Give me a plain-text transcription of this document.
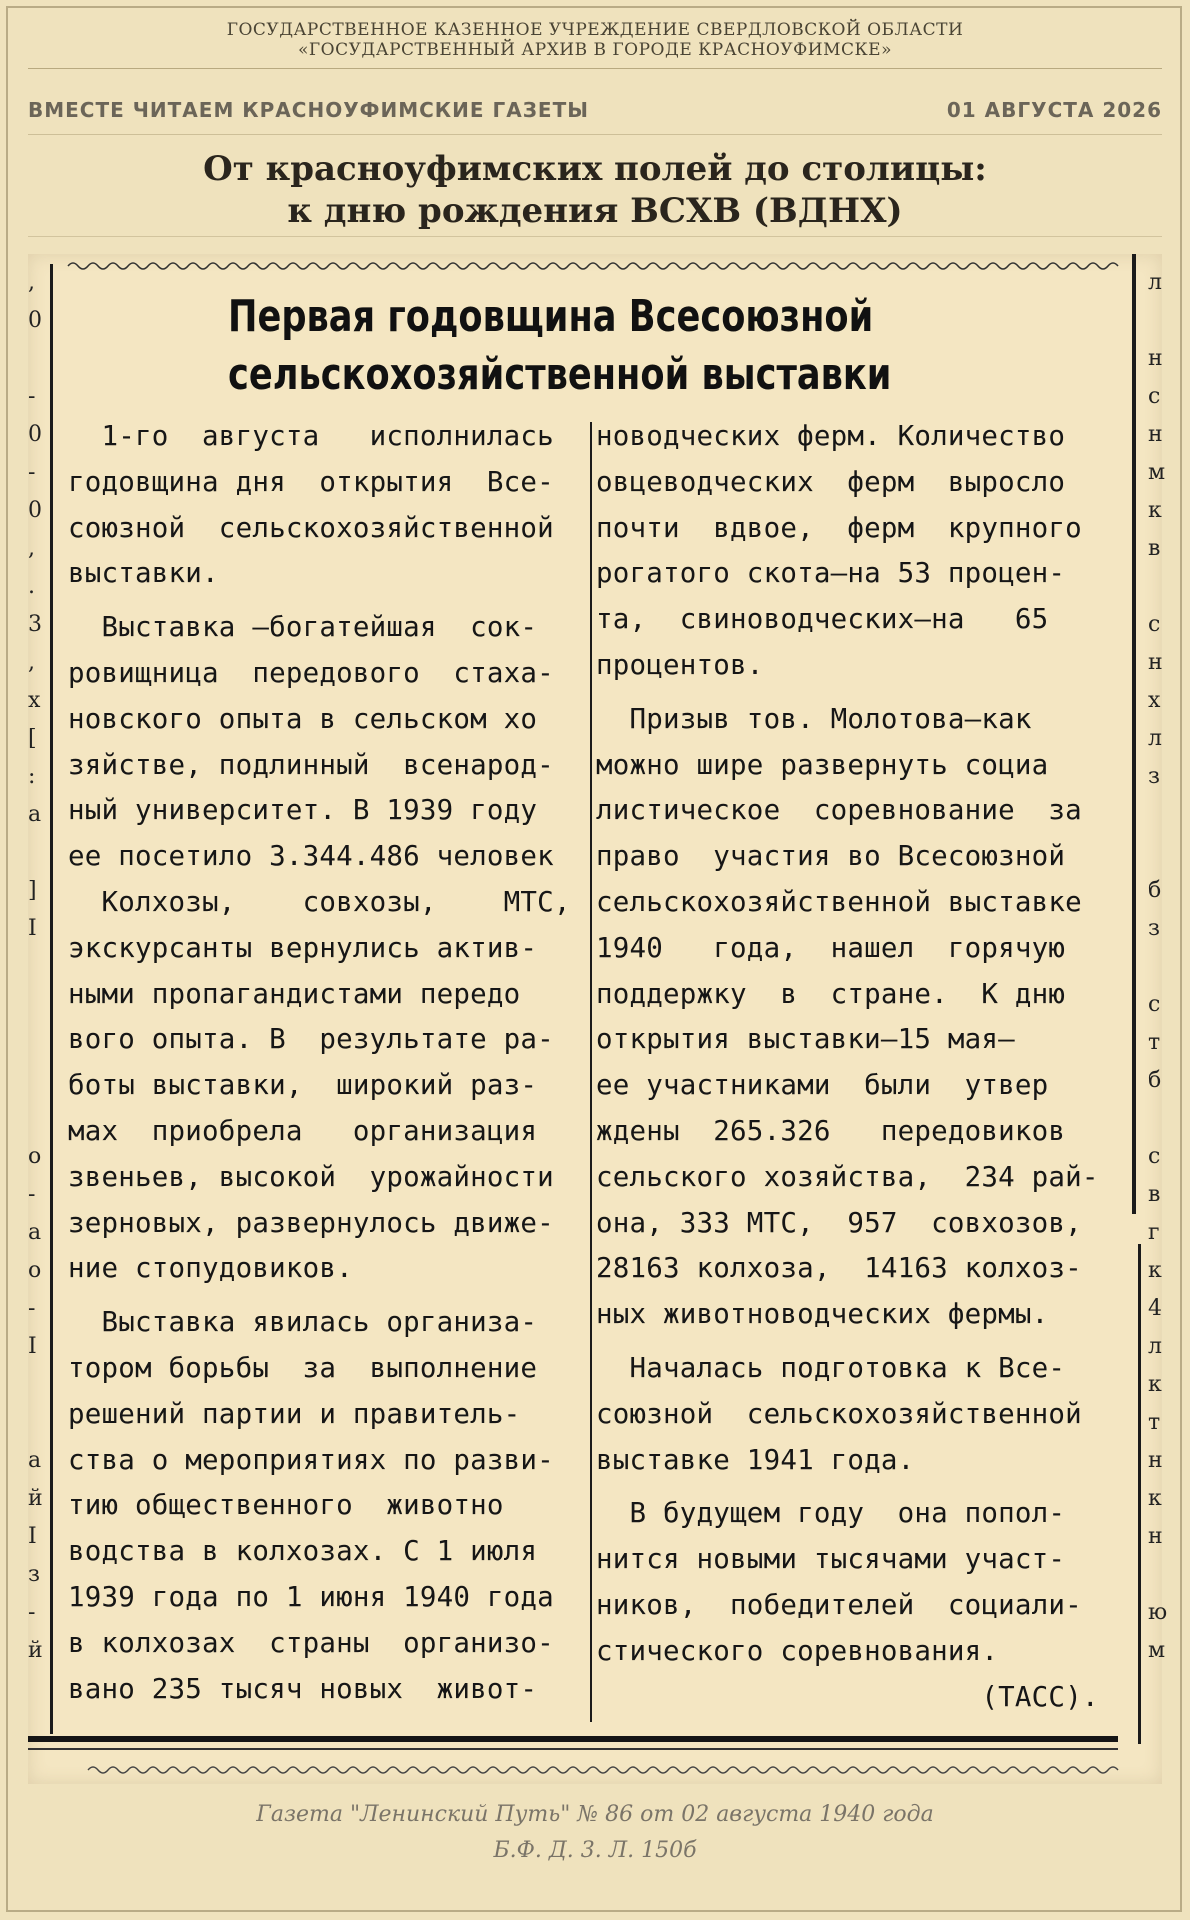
ГОСУДАРСТВЕННОЕ КАЗЕННОЕ УЧРЕЖДЕНИЕ СВЕРДЛОВСКОЙ ОБЛАСТИ
«ГОСУДАРСТВЕННЫЙ АРХИВ В ГОРОДЕ КРАСНОУФИМСКЕ»
ВМЕСТЕ ЧИТАЕМ КРАСНОУФИМСКИЕ ГАЗЕТЫ	01 АВГУСТА 2026
От красноуфимских полей до столицы:
к дню рождения ВСХВ (ВДНХ)
,
0

-
0
-
0
,
.
3
,
х
[
:
а

]
I

о
-
а
о
-
I

а
й
I
з
-
й
л

н
с
н
м
к
в

с
н
х
л
з

б
з

с
т
б

с
в
г
к
4
л
к
т
н
к
н

ю
м
Первая годовщина Всесоюзной
сельскохозяйственной выставки
1-го  августа   исполнилась
годовщина дня  открытия  Все-
союзной  сельскохозяйственной
выставки.
Выставка —богатейшая  сок-
ровищница  передового  стаха-
новского опыта в сельском хо
зяйстве, подлинный  всенарод-
ный университет. В 1939 году
ее посетило 3.344.486 человек
Колхозы,    совхозы,    МТС,
экскурсанты вернулись актив-
ными пропагандистами передо
вого опыта. В  результате ра-
боты выставки,  широкий раз-
мах  приобрела   организация
звеньев, высокой  урожайности
зерновых, развернулось движе-
ние стопудовиков.
Выставка явилась организа-
тором борьбы  за  выполнение
решений партии и правитель-
ства о мероприятиях по разви-
тию общественного  животно
водства в колхозах. С 1 июля
1939 года по 1 июня 1940 года
в колхозах  страны  организо-
вано 235 тысяч новых  живот-
новодческих ферм. Количество
овцеводческих  ферм  выросло
почти  вдвое,  ферм  крупного
рогатого скота—на 53 процен-
та,  свиноводческих—на   65
процентов.
Призыв тов. Молотова—как
можно шире развернуть социа
листическое  соревнование  за
право  участия во Всесоюзной
сельскохозяйственной выставке
1940   года,  нашел  горячую
поддержку  в  стране.  К дню
открытия выставки—15 мая—
ее участниками  были  утвер
ждены  265.326   передовиков
сельского хозяйства,  234 рай-
она, 333 МТС,  957  совхозов,
28163 колхоза,  14163 колхоз-
ных животноводческих фермы.
Началась подготовка к Все-
союзной  сельскохозяйственной
выставке 1941 года.
В будущем году  она попол-
нится новыми тысячами участ-
ников,  победителей  социали-
стического соревнования.
(ТАСС).
Газета "Ленинский Путь" № 86 от 02 августа 1940 года
Б.Ф. Д. 3. Л. 150б
